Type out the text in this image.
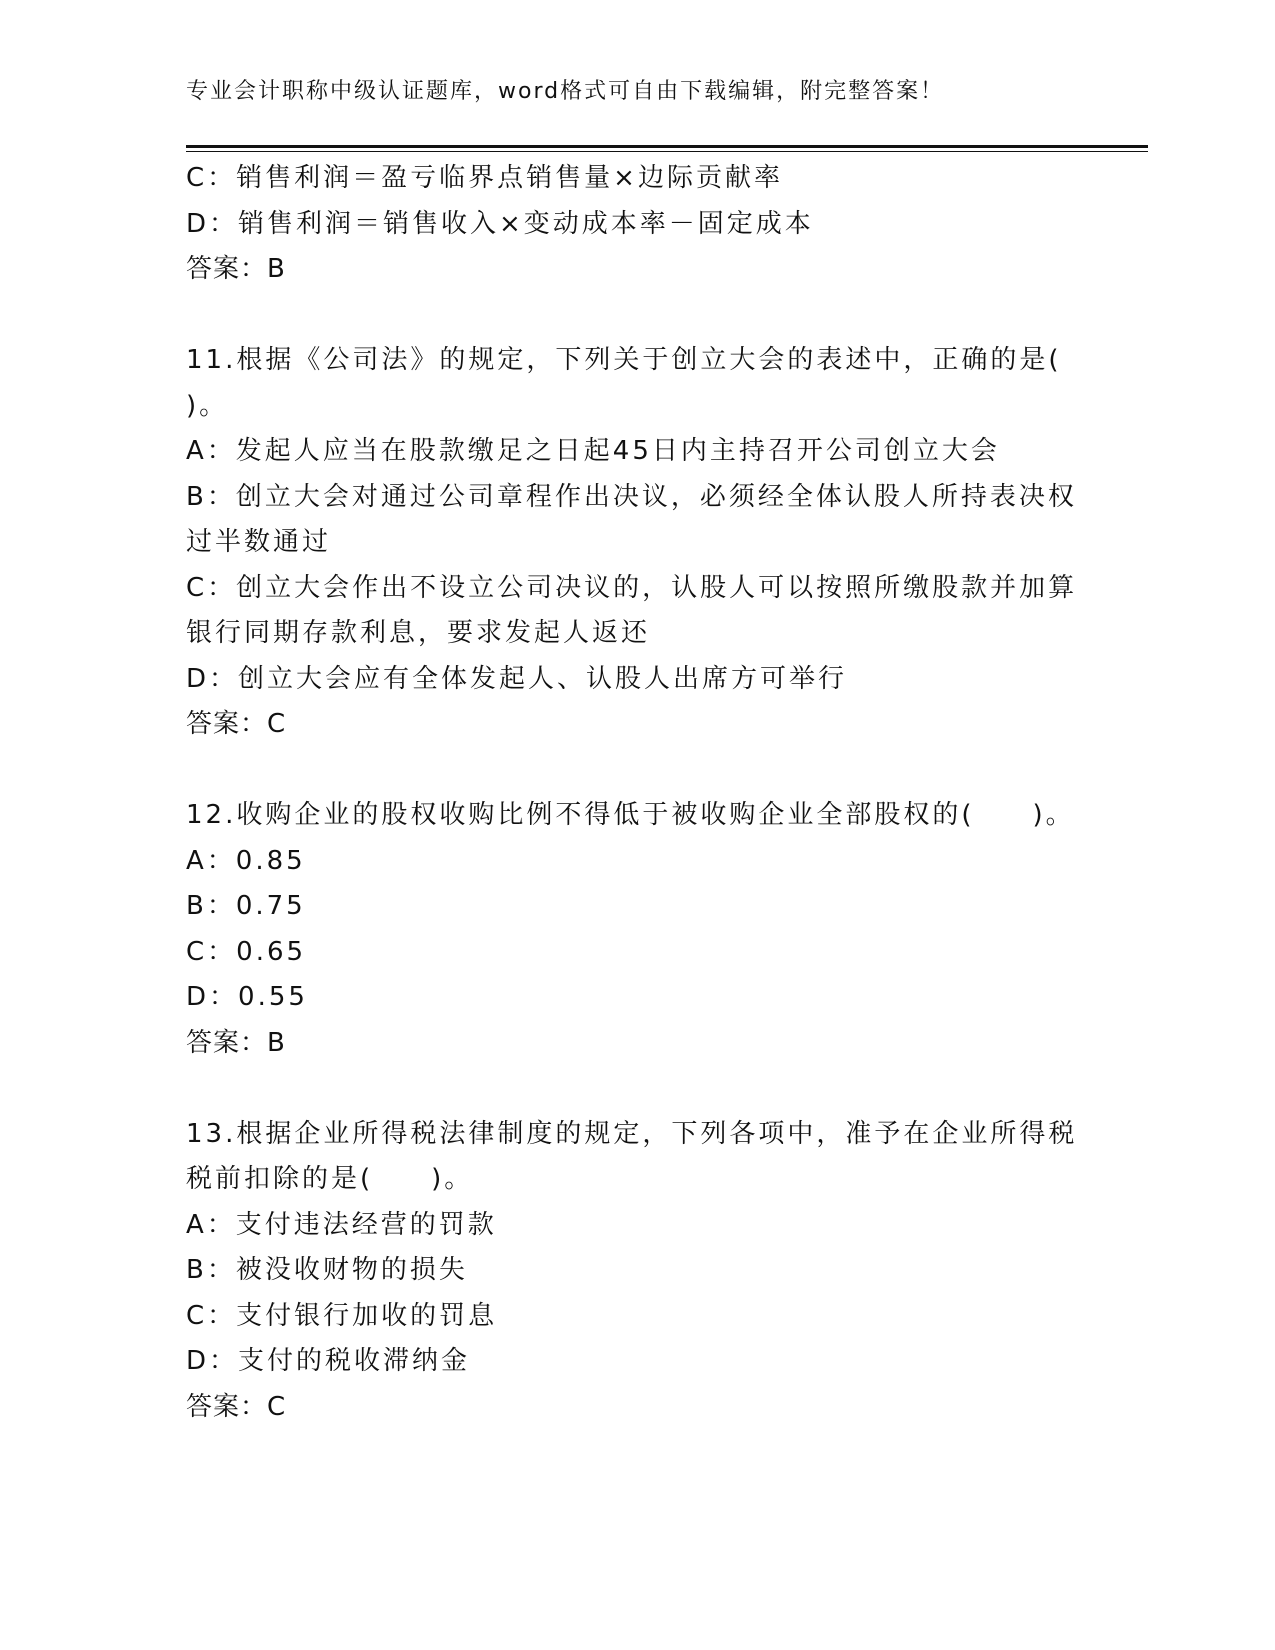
专业会计职称中级认证题库，word格式可自由下载编辑，附完整答案！
C：销售利润＝盈亏临界点销售量×边际贡献率
D：销售利润＝销售收入×变动成本率－固定成本
答案：B
11.根据《公司法》的规定，下列关于创立大会的表述中，正确的是(
)。
A：发起人应当在股款缴足之日起45日内主持召开公司创立大会
B：创立大会对通过公司章程作出决议，必须经全体认股人所持表决权
过半数通过
C：创立大会作出不设立公司决议的，认股人可以按照所缴股款并加算
银行同期存款利息，要求发起人返还
D：创立大会应有全体发起人、认股人出席方可举行
答案：C
12.收购企业的股权收购比例不得低于被收购企业全部股权的(　　)。
A：0.85
B：0.75
C：0.65
D：0.55
答案：B
13.根据企业所得税法律制度的规定，下列各项中，准予在企业所得税
税前扣除的是(　　)。
A：支付违法经营的罚款
B：被没收财物的损失
C：支付银行加收的罚息
D：支付的税收滞纳金
答案：C
